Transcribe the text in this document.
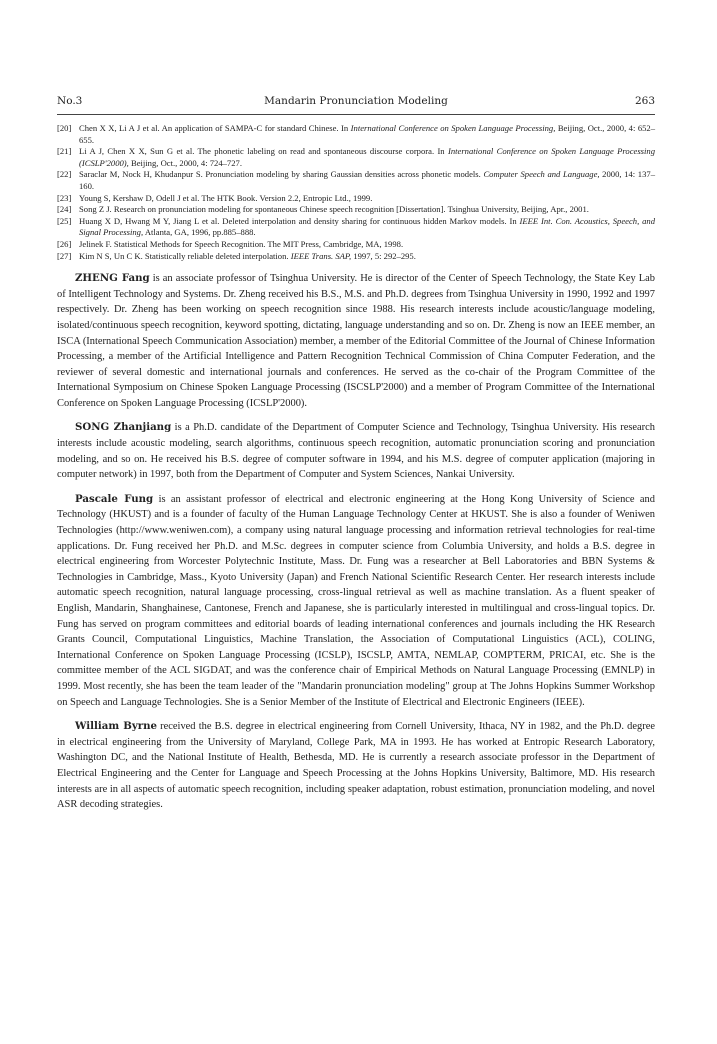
No.3	Mandarin Pronunciation Modeling	263
[20] Chen X X, Li A J et al. An application of SAMPA-C for standard Chinese. In International Conference on Spoken Language Processing, Beijing, Oct., 2000, 4: 652–655.
[21] Li A J, Chen X X, Sun G et al. The phonetic labeling on read and spontaneous discourse corpora. In International Conference on Spoken Language Processing (ICSLP'2000), Beijing, Oct., 2000, 4: 724–727.
[22] Saraclar M, Nock H, Khudanpur S. Pronunciation modeling by sharing Gaussian densities across phonetic models. Computer Speech and Language, 2000, 14: 137–160.
[23] Young S, Kershaw D, Odell J et al. The HTK Book. Version 2.2, Entropic Ltd., 1999.
[24] Song Z J. Research on pronunciation modeling for spontaneous Chinese speech recognition [Dissertation]. Tsinghua University, Beijing, Apr., 2001.
[25] Huang X D, Hwang M Y, Jiang L et al. Deleted interpolation and density sharing for continuous hidden Markov models. In IEEE Int. Con. Acoustics, Speech, and Signal Processing, Atlanta, GA, 1996, pp.885–888.
[26] Jelinek F. Statistical Methods for Speech Recognition. The MIT Press, Cambridge, MA, 1998.
[27] Kim N S, Un C K. Statistically reliable deleted interpolation. IEEE Trans. SAP, 1997, 5: 292–295.

ZHENG Fang is an associate professor of Tsinghua University. He is director of the Center of Speech Technology, the State Key Lab of Intelligent Technology and Systems. Dr. Zheng received his B.S., M.S. and Ph.D. degrees from Tsinghua University in 1990, 1992 and 1997 respectively. Dr. Zheng has been working on speech recognition since 1988. His research interests include acoustic/language modeling, isolated/continuous speech recognition, keyword spotting, dictating, language understanding and so on. Dr. Zheng is now an IEEE member, an ISCA (International Speech Communication Association) member, a member of the Editorial Committee of the Journal of Chinese Information Processing, a member of the Artificial Intelligence and Pattern Recognition Technical Commission of China Computer Federation, and the reviewer of several domestic and international journals and conferences. He served as the co-chair of the Program Committee of the International Symposium on Chinese Spoken Language Processing (ISCSLP'2000) and a member of Program Committee of the International Conference on Spoken Language Processing (ICSLP'2000).

SONG Zhanjiang is a Ph.D. candidate of the Department of Computer Science and Technology, Tsinghua University. His research interests include acoustic modeling, search algorithms, continuous speech recognition, automatic pronunciation scoring and pronunciation modeling, and so on. He received his B.S. degree of computer software in 1994, and his M.S. degree of computer application (majoring in computer network) in 1997, both from the Department of Computer and System Sciences, Nankai University.

Pascale Fung is an assistant professor of electrical and electronic engineering at the Hong Kong University of Science and Technology (HKUST) and is a founder of faculty of the Human Language Technology Center at HKUST. She is also a founder of Weniwen Technologies (http://www.weniwen.com), a company using natural language processing and information retrieval technologies for real-time applications. Dr. Fung received her Ph.D. and M.Sc. degrees in computer science from Columbia University, and holds a B.S. degree in electrical engineering from Worcester Polytechnic Institute, Mass. Dr. Fung was a researcher at Bell Laboratories and BBN Systems & Technologies in Cambridge, Mass., Kyoto University (Japan) and French National Scientific Research Center. Her research interests include automatic speech recognition, natural language processing, cross-lingual retrieval as well as machine translation. As a fluent speaker of English, Mandarin, Shanghainese, Cantonese, French and Japanese, she is particularly interested in multilingual and cross-lingual topics. Dr. Fung has served on program committees and editorial boards of leading international conferences and journals including the HK Research Grants Council, Computational Linguistics, Machine Translation, the Association of Computational Linguistics (ACL), COLING, International Conference on Spoken Language Processing (ICSLP), ISCSLP, AMTA, NEMLAP, COMPTERM, PRICAI, etc. She is the committee member of the ACL SIGDAT, and was the conference chair of Empirical Methods on Natural Language Processing (EMNLP) in 1999. Most recently, she has been the team leader of the "Mandarin pronunciation modeling" group at The Johns Hopkins Summer Workshop on Speech and Language Technologies. She is a Senior Member of the Institute of Electrical and Electronic Engineers (IEEE).

William Byrne received the B.S. degree in electrical engineering from Cornell University, Ithaca, NY in 1982, and the Ph.D. degree in electrical engineering from the University of Maryland, College Park, MA in 1993. He has worked at Entropic Research Laboratory, Washington DC, and the National Institute of Health, Bethesda, MD. He is currently a research associate professor in the Department of Electrical Engineering and the Center for Language and Speech Processing at the Johns Hopkins University, Baltimore, MD. His research interests are in all aspects of automatic speech recognition, including speaker adaptation, robust estimation, pronunciation modeling, and novel ASR decoding strategies.
